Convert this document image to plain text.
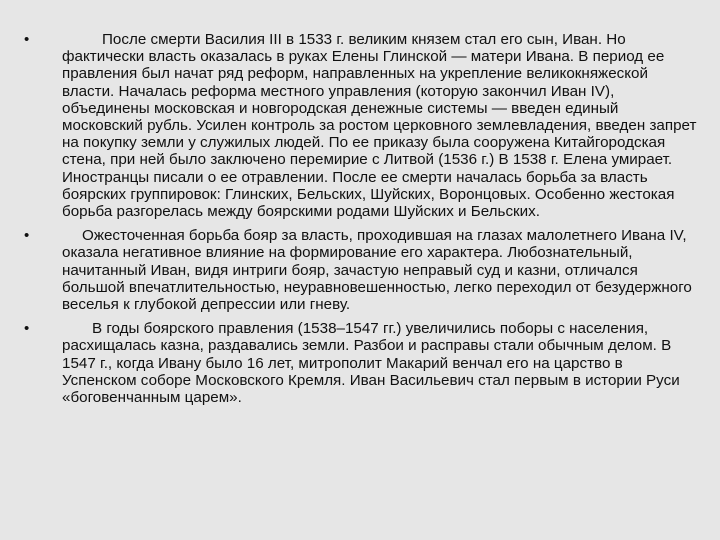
•	После смерти Василия III в 1533 г. великим князем стал его сын, Иван. Но фактически власть оказалась в руках Елены Глинской — матери Ивана. В период ее правления был начат ряд реформ, направленных на укрепление великокняжеской власти. Началась реформа местного управления (которую закончил Иван IV), объединены московская и новгородская денежные системы — введен единый московский рубль. Усилен контроль за ростом церковного землевладения, введен запрет на покупку земли у служилых людей. По ее приказу была сооружена Китайгородская стена, при ней было заключено перемирие с Литвой (1536 г.) В 1538 г. Елена умирает. Иностранцы писали о ее отравлении. После ее смерти началась борьба за власть боярских группировок: Глинских, Бельских, Шуйских, Воронцовых. Особенно жестокая борьба разгорелась между боярскими родами Шуйских и Бельских.
•	Ожесточенная борьба бояр за власть, проходившая на глазах малолетнего Ивана IV, оказала негативное влияние на формирование его характера. Любознательный, начитанный Иван, видя интриги бояр, зачастую неправый суд и казни, отличался большой впечатлительностью, неуравновешенностью, легко переходил от безудержного веселья к глубокой депрессии или гневу.
•	В годы боярского правления (1538–1547 гг.) увеличились поборы с населения, расхищалась казна, раздавались земли. Разбои и расправы стали обычным делом. В 1547 г., когда Ивану было 16 лет, митрополит Макарий венчал его на царство в Успенском соборе Московского Кремля. Иван Васильевич стал первым в истории Руси «боговенчанным царем».
